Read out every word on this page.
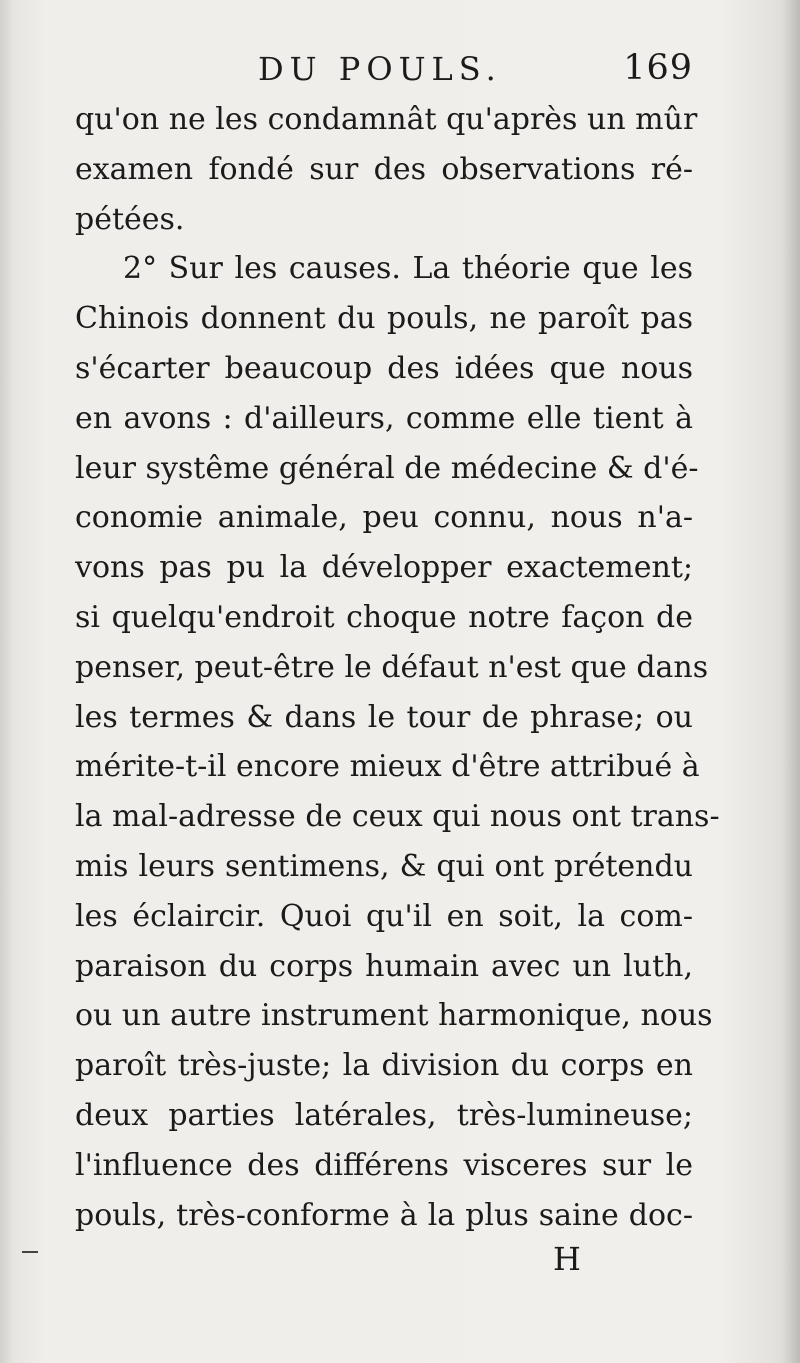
DU POULS.	169
qu'on ne les condamnât qu'après un mûr
examen fondé sur des observations ré-
pétées.
2° Sur les causes. La théorie que les
Chinois donnent du pouls, ne paroît pas
s'écarter beaucoup des idées que nous
en avons : d'ailleurs, comme elle tient à
leur systême général de médecine & d'é-
conomie animale, peu connu, nous n'a-
vons pas pu la développer exactement;
si quelqu'endroit choque notre façon de
penser, peut-être le défaut n'est que dans
les termes & dans le tour de phrase; ou
mérite-t-il encore mieux d'être attribué à
la mal-adresse de ceux qui nous ont trans-
mis leurs sentimens, & qui ont prétendu
les éclaircir. Quoi qu'il en soit, la com-
paraison du corps humain avec un luth,
ou un autre instrument harmonique, nous
paroît très-juste; la division du corps en
deux parties latérales, très-lumineuse;
l'influence des différens visceres sur le
pouls, très-conforme à la plus saine doc-
H
